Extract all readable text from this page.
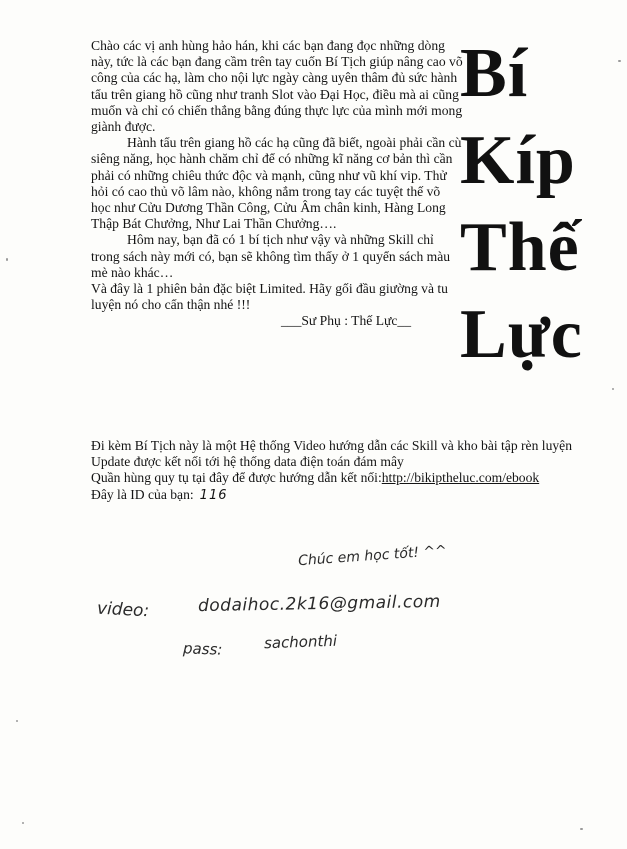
Chào các vị anh hùng hảo hán, khi các bạn đang đọc những dòng này, tức là các bạn đang cầm trên tay cuốn Bí Tịch giúp nâng cao võ công của các hạ, làm cho nội lực ngày càng uyên thâm đủ sức hành tẩu trên giang hồ cũng như tranh Slot vào Đại Học, điều mà ai cũng muốn và chỉ có chiến thắng bằng đúng thực lực của mình mới mong giành được.

Hành tẩu trên giang hồ các hạ cũng đã biết, ngoài phải cần cù siêng năng, học hành chăm chỉ để có những kĩ năng cơ bản thì cần phải có những chiêu thức độc và mạnh, cũng như vũ khí vip. Thử hỏi có cao thủ võ lâm nào, không nắm trong tay các tuyệt thế võ học như Cửu Dương Thần Công, Cửu Âm chân kinh, Hàng Long Thập Bát Chưởng, Như Lai Thần Chưởng….

Hôm nay, bạn đã có 1 bí tịch như vậy và những Skill chỉ trong sách này mới có, bạn sẽ không tìm thấy ở 1 quyển sách màu mè nào khác…

Và đây là 1 phiên bản đặc biệt Limited. Hãy gối đầu giường và tu luyện nó cho cẩn thận nhé !!!

___Sư Phụ : Thế Lực__

Bí
Kíp
Thế
Lực

Đi kèm Bí Tịch này là một Hệ thống Video hướng dẫn các Skill và kho bài tập rèn luyện Update được kết nối tới hệ thống data điện toán đám mây

Quần hùng quy tụ tại đây để được hướng dẫn kết nối:http://bikiptheluc.com/ebook

Đây là ID của bạn: 116

Chúc em học tốt! ^^
video:	dodaihoc.2k16@gmail.com
pass:	sachonthi
